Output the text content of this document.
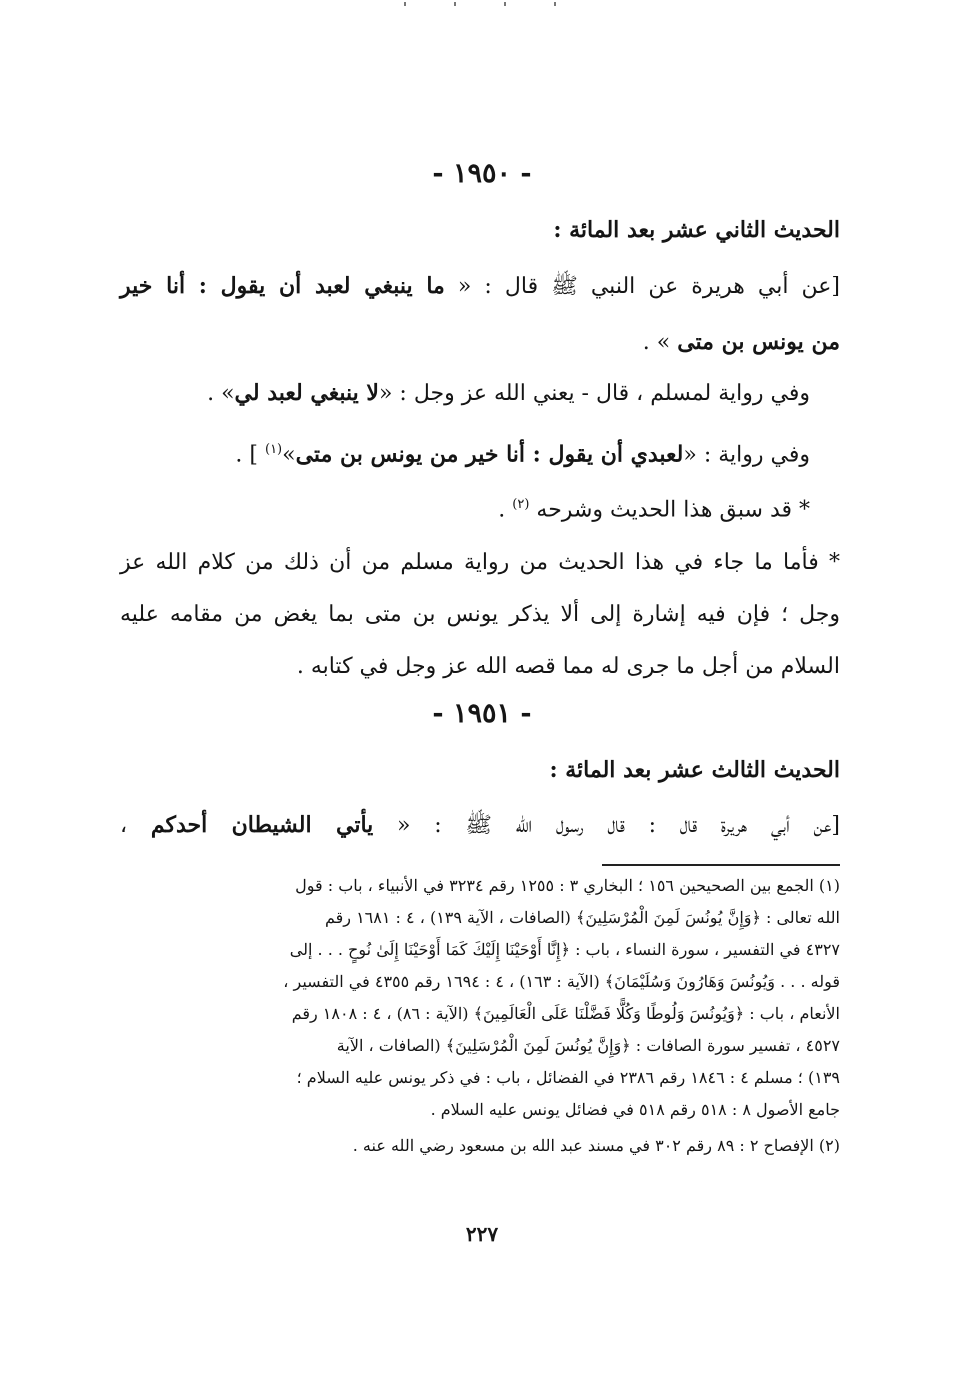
- ١٩٥٠ -
الحديث الثاني عشر بعد المائة :
[عن أبي هريرة عن النبي ﷺ قال : « ما ينبغي لعبد أن يقول : أنا خير
من يونس بن متى » .
وفي رواية لمسلم ، قال - يعني الله عز وجل : «لا ينبغي لعبد لي» .
وفي رواية : «لعبدي أن يقول : أنا خير من يونس بن متى»$^{(١)}$ ] .
* قد سبق هذا الحديث وشرحه $^{(٢)}$ .
* فأما ما جاء في هذا الحديث من رواية مسلم من أن ذلك من كلام الله عز
وجل ؛ فإن فيه إشارة إلى ألا يذكر يونس بن متى بما يغض من مقامه عليه
السلام من أجل ما جرى له مما قصه الله عز وجل في كتابه .
- ١٩٥١ -
الحديث الثالث عشر بعد المائة :
[عن أبي هريرة قال : قال رسول الله ﷺ : « يأتي الشيطان أحدكم ،
(١) الجمع بين الصحيحين ١٥٦ ؛ البخاري ٣ : ١٢٥٥ رقم ٣٢٣٤ في الأنبياء ، باب : قول
الله تعالى : ﴿وَإِنَّ يُونُسَ لَمِنَ الْمُرْسَلِينَ﴾ (الصافات ، الآية ١٣٩) ، ٤ : ١٦٨١ رقم
٤٣٢٧ في التفسير ، سورة النساء ، باب : ﴿إِنَّا أَوْحَيْنَا إِلَيْكَ كَمَا أَوْحَيْنَا إِلَىٰ نُوحٍ . . . إلى
قوله . . . وَيُونُسَ وَهَارُونَ وَسُلَيْمَانَ﴾ (الآية : ١٦٣) ، ٤ : ١٦٩٤ رقم ٤٣٥٥ في التفسير ،
الأنعام ، باب : ﴿وَيُونُسَ وَلُوطًا وَكُلًّا فَضَّلْنَا عَلَى الْعَالَمِينَ﴾ (الآية : ٨٦) ، ٤ : ١٨٠٨ رقم
٤٥٢٧ ، تفسير سورة الصافات : ﴿وَإِنَّ يُونُسَ لَمِنَ الْمُرْسَلِينَ﴾ (الصافات ، الآية
١٣٩) ؛ مسلم ٤ : ١٨٤٦ رقم ٢٣٨٦ في الفضائل ، باب : في ذكر يونس عليه السلام ؛
جامع الأصول ٨ : ٥١٨ رقم ٥١٨ في فضائل يونس عليه السلام .
(٢) الإفصاح ٢ : ٨٩ رقم ٣٠٢ في مسند عبد الله بن مسعود رضي الله عنه .
٢٢٧
